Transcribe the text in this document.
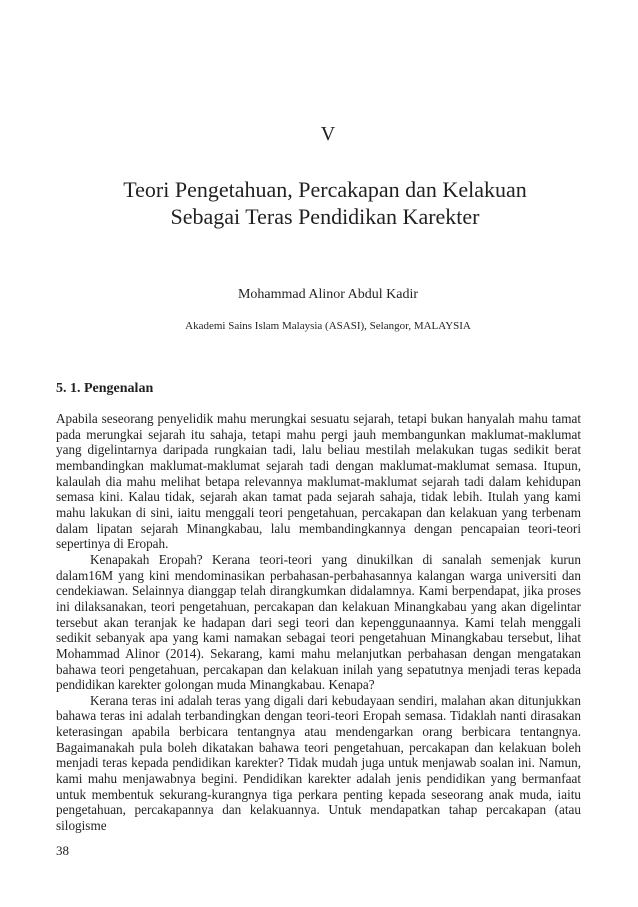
V
Teori Pengetahuan, Percakapan dan Kelakuan
Sebagai Teras Pendidikan Karekter
Mohammad Alinor Abdul Kadir
Akademi Sains Islam Malaysia (ASASI), Selangor, MALAYSIA
5. 1. Pengenalan

Apabila seseorang penyelidik mahu merungkai sesuatu sejarah, tetapi bukan hanyalah mahu tamat pada merungkai sejarah itu sahaja, tetapi mahu pergi jauh membangunkan maklumat-maklumat yang digelintarnya daripada rungkaian tadi, lalu beliau mestilah melakukan tugas sedikit berat membandingkan maklumat-maklumat sejarah tadi dengan maklumat-maklumat semasa. Itupun, kalaulah dia mahu melihat betapa relevannya maklumat-maklumat sejarah tadi dalam kehidupan semasa kini. Kalau tidak, sejarah akan tamat pada sejarah sahaja, tidak lebih. Itulah yang kami mahu lakukan di sini, iaitu menggali teori pengetahuan, percakapan dan kelakuan yang terbenam dalam lipatan sejarah Minangkabau, lalu membandingkannya dengan pencapaian teori-teori sepertinya di Eropah.

Kenapakah Eropah? Kerana teori-teori yang dinukilkan di sanalah semenjak kurun dalam16M yang kini mendominasikan perbahasan-perbahasannya kalangan warga universiti dan cendekiawan. Selainnya dianggap telah dirangkumkan didalamnya. Kami berpendapat, jika proses ini dilaksanakan, teori pengetahuan, percakapan dan kelakuan Minangkabau yang akan digelintar tersebut akan teranjak ke hadapan dari segi teori dan kepenggunaannya. Kami telah menggali sedikit sebanyak apa yang kami namakan sebagai teori pengetahuan Minangkabau tersebut, lihat Mohammad Alinor (2014). Sekarang, kami mahu melanjutkan perbahasan dengan mengatakan bahawa teori pengetahuan, percakapan dan kelakuan inilah yang sepatutnya menjadi teras kepada pendidikan karekter golongan muda Minangkabau. Kenapa?

Kerana teras ini adalah teras yang digali dari kebudayaan sendiri, malahan akan ditunjukkan bahawa teras ini adalah terbandingkan dengan teori-teori Eropah semasa. Tidaklah nanti dirasakan keterasingan apabila berbicara tentangnya atau mendengarkan orang berbicara tentangnya. Bagaimanakah pula boleh dikatakan bahawa teori pengetahuan, percakapan dan kelakuan boleh menjadi teras kepada pendidikan karekter? Tidak mudah juga untuk menjawab soalan ini. Namun, kami mahu menjawabnya begini. Pendidikan karekter adalah jenis pendidikan yang bermanfaat untuk membentuk sekurang-kurangnya tiga perkara penting kepada seseorang anak muda, iaitu pengetahuan, percakapannya dan kelakuannya. Untuk mendapatkan tahap percakapan (atau silogisme

38
